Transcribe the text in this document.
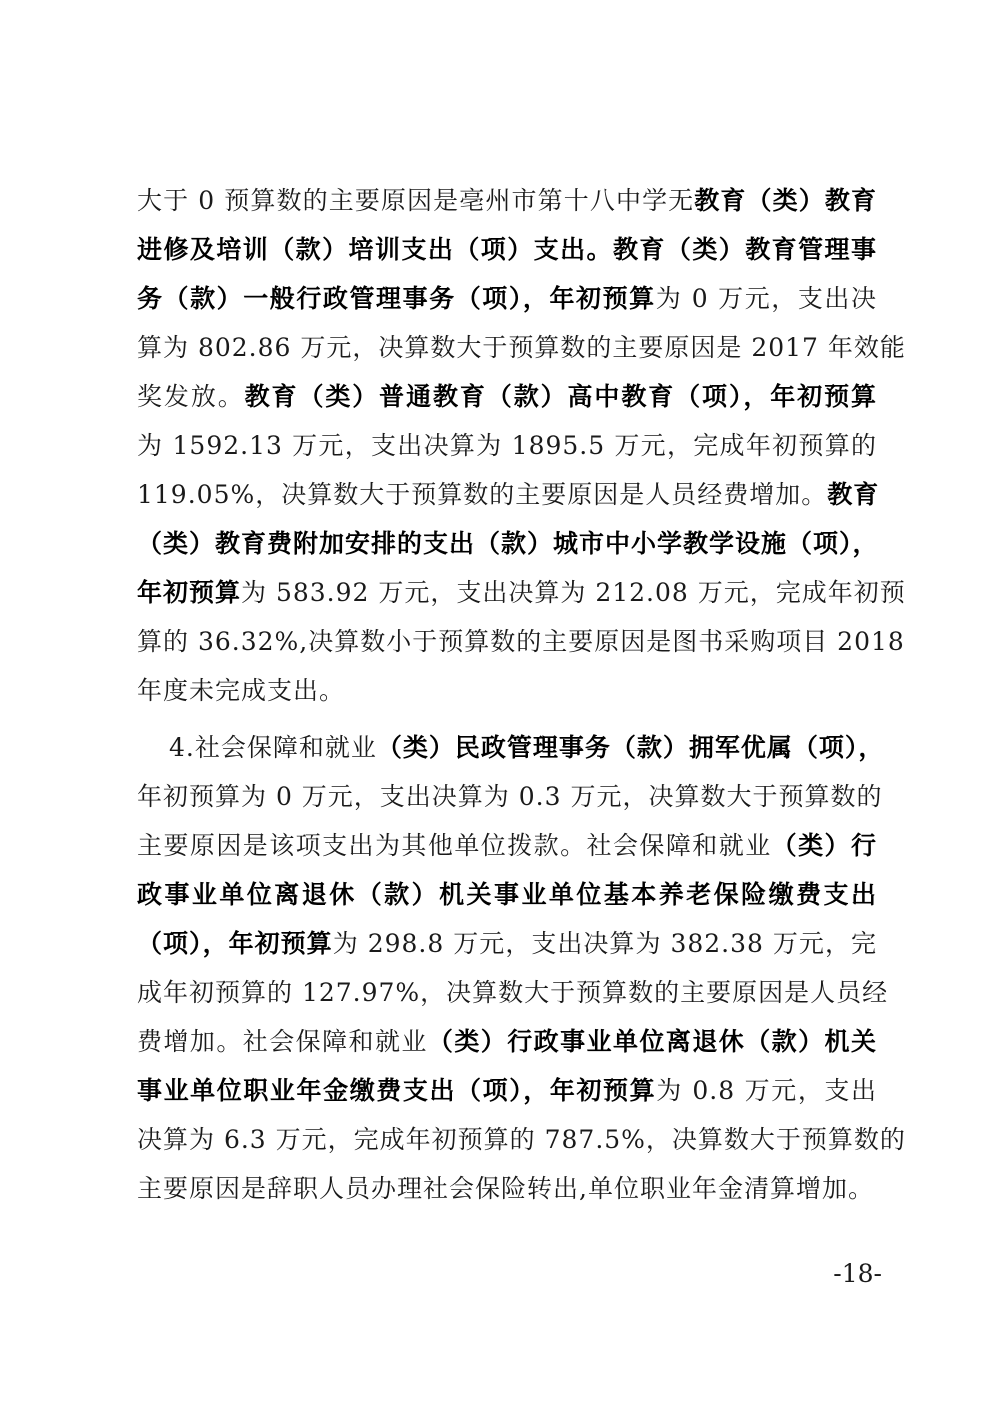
大于 0 预算数的主要原因是亳州市第十八中学无教育（类）教育
进修及培训（款）培训支出（项）支出。教育（类）教育管理事
务（款）一般行政管理事务（项），年初预算为 0 万元，支出决
算为 802.86 万元，决算数大于预算数的主要原因是 2017 年效能
奖发放。教育（类）普通教育（款）高中教育（项），年初预算
为 1592.13 万元，支出决算为 1895.5 万元，完成年初预算的
119.05%，决算数大于预算数的主要原因是人员经费增加。教育
（类）教育费附加安排的支出（款）城市中小学教学设施（项），
年初预算为 583.92 万元，支出决算为 212.08 万元，完成年初预
算的 36.32%,决算数小于预算数的主要原因是图书采购项目 2018
年度未完成支出。
4.社会保障和就业（类）民政管理事务（款）拥军优属（项），
年初预算为 0 万元，支出决算为 0.3 万元，决算数大于预算数的
主要原因是该项支出为其他单位拨款。社会保障和就业（类）行
政事业单位离退休（款）机关事业单位基本养老保险缴费支出
（项），年初预算为 298.8 万元，支出决算为 382.38 万元，完
成年初预算的 127.97%，决算数大于预算数的主要原因是人员经
费增加。社会保障和就业（类）行政事业单位离退休（款）机关
事业单位职业年金缴费支出（项），年初预算为 0.8 万元，支出
决算为 6.3 万元，完成年初预算的 787.5%，决算数大于预算数的
主要原因是辞职人员办理社会保险转出,单位职业年金清算增加。
-18-
